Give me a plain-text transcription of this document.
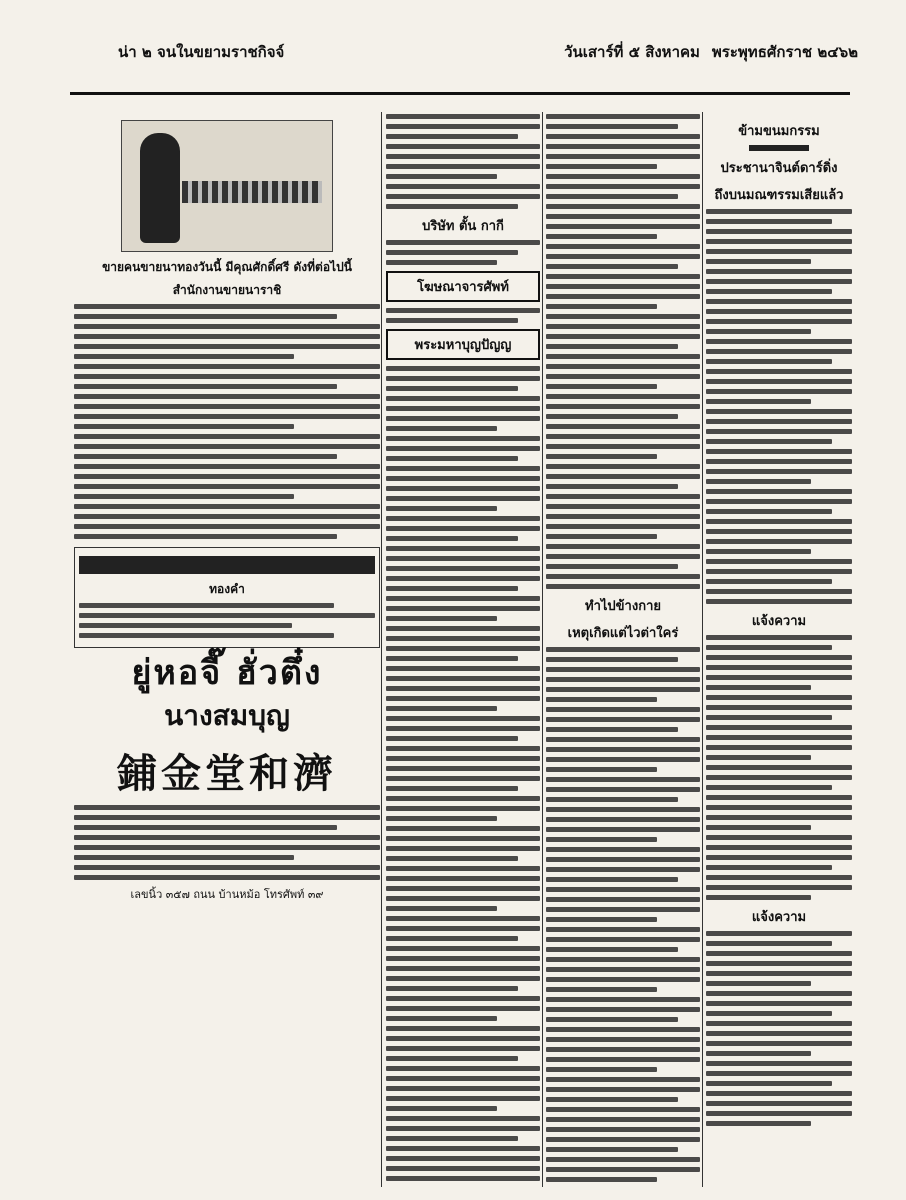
น่า ๒ จนในขยามราชกิจจ์	วันเสาร์ที่ ๕ สิงหาคม พระพุทธศักราช ๒๔๖๒
ขายคนขายนาทองวันนี้ มีคุณศักดิ์ศรี ดังที่ต่อไปนี้
สำนักงานขายนาราชิ
ทองคำ
ยู่หอจี๊ ฮั่วตึ๋ง
นางสมบุญ
鋪金堂和濟
เลขนิ้ว ๓๕๗ ถนน บ้านหม้อ โทรศัพท์ ๓๙
บริษัท ตั้น กากี
โฆษณาจารศัพท์
พระมหาบุญปัญญ
ทำไปข้างกาย
เหตุเกิดแต่ไวต่าใคร่
ข้ามขนมกรรม
ประชานาจินต์ดาร์ดิ่ง
ถึงบนมณฑรรมเสียแล้ว
แจ้งความ
แจ้งความ
